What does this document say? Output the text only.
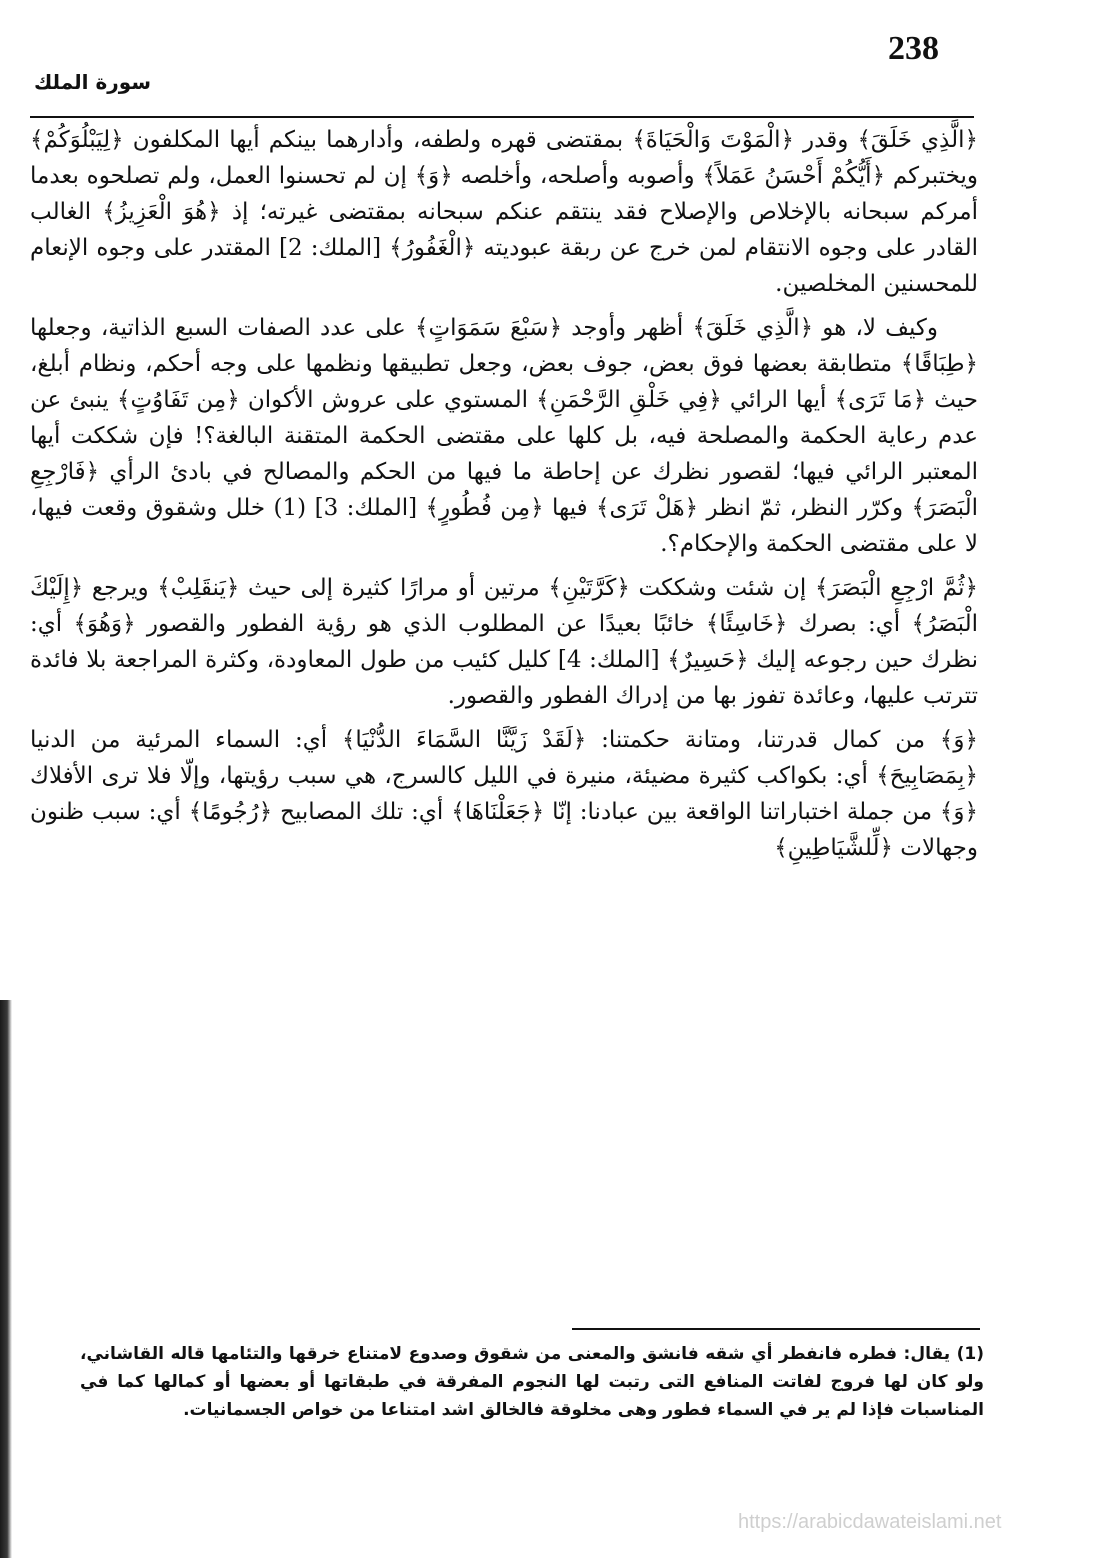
238
سورة الملك

﴿الَّذِي خَلَقَ﴾ وقدر ﴿الْمَوْتَ وَالْحَيَاةَ﴾ بمقتضى قهره ولطفه، وأدارهما بينكم أيها المكلفون ﴿لِيَبْلُوَكُمْ﴾ ويختبركم ﴿أَيُّكُمْ أَحْسَنُ عَمَلاً﴾ وأصوبه وأصلحه، وأخلصه ﴿وَ﴾ إن لم تحسنوا العمل، ولم تصلحوه بعدما أمركم سبحانه بالإخلاص والإصلاح فقد ينتقم عنكم سبحانه بمقتضى غيرته؛ إذ ﴿هُوَ الْعَزِيزُ﴾ الغالب القادر على وجوه الانتقام لمن خرج عن ربقة عبوديته ﴿الْغَفُورُ﴾ [الملك: 2] المقتدر على وجوه الإنعام للمحسنين المخلصين.

وكيف لا، هو ﴿الَّذِي خَلَقَ﴾ أظهر وأوجد ﴿سَبْعَ سَمَوَاتٍ﴾ على عدد الصفات السبع الذاتية، وجعلها ﴿طِبَاقًا﴾ متطابقة بعضها فوق بعض، جوف بعض، وجعل تطبيقها ونظمها على وجه أحكم، ونظام أبلغ، حيث ﴿مَا تَرَى﴾ أيها الرائي ﴿فِي خَلْقِ الرَّحْمَنِ﴾ المستوي على عروش الأكوان ﴿مِن تَفَاوُتٍ﴾ ينبئ عن عدم رعاية الحكمة والمصلحة فيه، بل كلها على مقتضى الحكمة المتقنة البالغة؟! فإن شككت أيها المعتبر الرائي فيها؛ لقصور نظرك عن إحاطة ما فيها من الحكم والمصالح في بادئ الرأي ﴿فَارْجِعِ الْبَصَرَ﴾ وكرّر النظر، ثمّ انظر ﴿هَلْ تَرَى﴾ فيها ﴿مِن فُطُورٍ﴾ [الملك: 3] (1) خلل وشقوق وقعت فيها، لا على مقتضى الحكمة والإحكام؟.

﴿ثُمَّ ارْجِعِ الْبَصَرَ﴾ إن شئت وشككت ﴿كَرَّتَيْنِ﴾ مرتين أو مرارًا كثيرة إلى حيث ﴿يَنقَلِبْ﴾ ويرجع ﴿إِلَيْكَ الْبَصَرُ﴾ أي: بصرك ﴿خَاسِئًا﴾ خائبًا بعيدًا عن المطلوب الذي هو رؤية الفطور والقصور ﴿وَهُوَ﴾ أي: نظرك حين رجوعه إليك ﴿حَسِيرٌ﴾ [الملك: 4] كليل كئيب من طول المعاودة، وكثرة المراجعة بلا فائدة تترتب عليها، وعائدة تفوز بها من إدراك الفطور والقصور.

﴿وَ﴾ من كمال قدرتنا، ومتانة حكمتنا: ﴿لَقَدْ زَيَّنَّا السَّمَاءَ الدُّنْيَا﴾ أي: السماء المرئية من الدنيا ﴿بِمَصَابِيحَ﴾ أي: بكواكب كثيرة مضيئة، منيرة في الليل كالسرج، هي سبب رؤيتها، وإلّا فلا ترى الأفلاك ﴿وَ﴾ من جملة اختباراتنا الواقعة بين عبادنا: إنّا ﴿جَعَلْنَاهَا﴾ أي: تلك المصابيح ﴿رُجُومًا﴾ أي: سبب ظنون وجهالات ﴿لِّلشَّيَاطِينِ﴾

(1) يقال: فطره فانفطر أي شقه فانشق والمعنى من شقوق وصدوع لامتناع خرقها والتئامها قاله القاشاني، ولو كان لها فروج لفاتت المنافع التى رتبت لها النجوم المفرقة في طبقاتها أو بعضها أو كمالها كما في المناسبات فإذا لم ير في السماء فطور وهى مخلوقة فالخالق اشد امتناعا من خواص الجسمانيات.

https://arabicdawateislami.net
